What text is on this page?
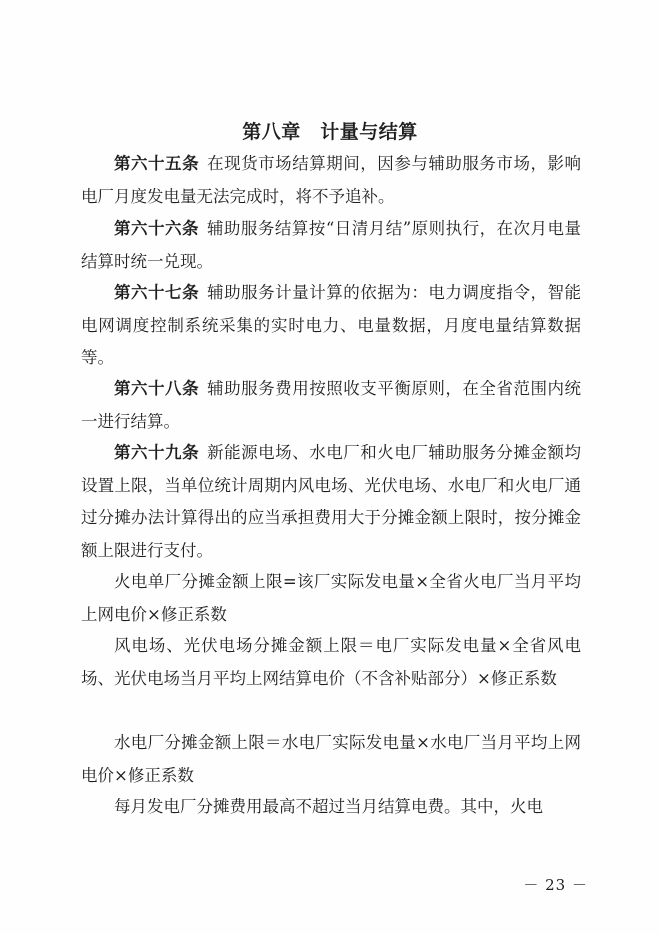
第八章　计量与结算

第六十五条 在现货市场结算期间，因参与辅助服务市场，影响电厂月度发电量无法完成时，将不予追补。

第六十六条 辅助服务结算按“日清月结”原则执行，在次月电量结算时统一兑现。

第六十七条 辅助服务计量计算的依据为：电力调度指令，智能电网调度控制系统采集的实时电力、电量数据，月度电量结算数据等。

第六十八条 辅助服务费用按照收支平衡原则，在全省范围内统一进行结算。

第六十九条 新能源电场、水电厂和火电厂辅助服务分摊金额均设置上限，当单位统计周期内风电场、光伏电场、水电厂和火电厂通过分摊办法计算得出的应当承担费用大于分摊金额上限时，按分摊金额上限进行支付。

火电单厂分摊金额上限=该厂实际发电量×全省火电厂当月平均上网电价×修正系数

风电场、光伏电场分摊金额上限＝电厂实际发电量×全省风电场、光伏电场当月平均上网结算电价（不含补贴部分）×修正系数

水电厂分摊金额上限＝水电厂实际发电量×水电厂当月平均上网电价×修正系数

每月发电厂分摊费用最高不超过当月结算电费。其中，火电

－ 23 －
